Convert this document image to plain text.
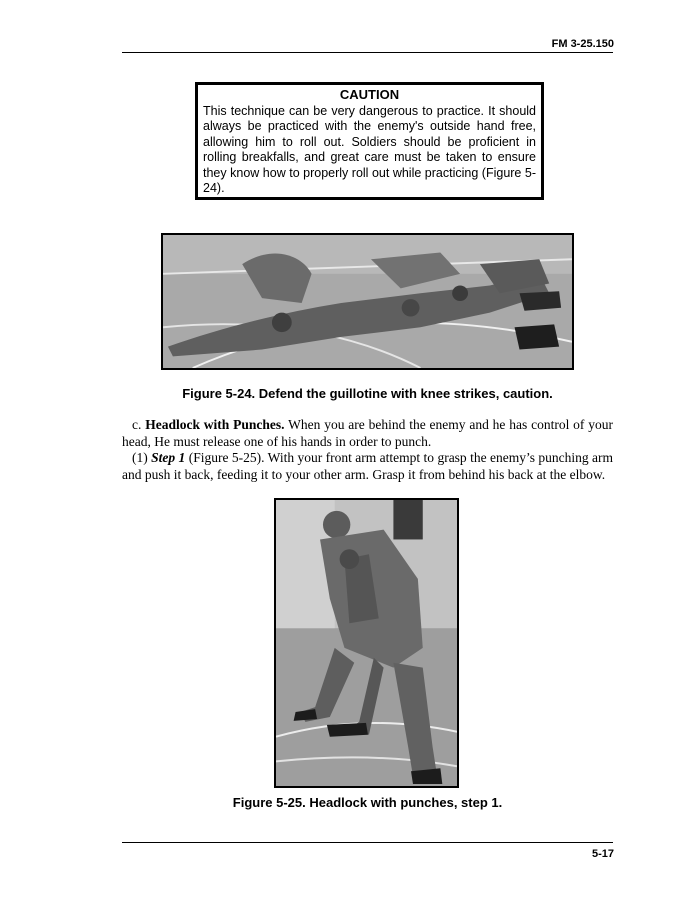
FM 3-25.150
CAUTION
This technique can be very dangerous to practice. It should always be practiced with the enemy's outside hand free, allowing him to roll out. Soldiers should be proficient in rolling breakfalls, and great care must be taken to ensure they know how to properly roll out while practicing (Figure 5-24).
Figure 5-24. Defend the guillotine with knee strikes, caution.

c. Headlock with Punches. When you are behind the enemy and he has control of your head, He must release one of his hands in order to punch.

(1) Step 1 (Figure 5-25). With your front arm attempt to grasp the enemy’s punching arm and push it back, feeding it to your other arm. Grasp it from behind his back at the elbow.

Figure 5-25. Headlock with punches, step 1.
5-17
